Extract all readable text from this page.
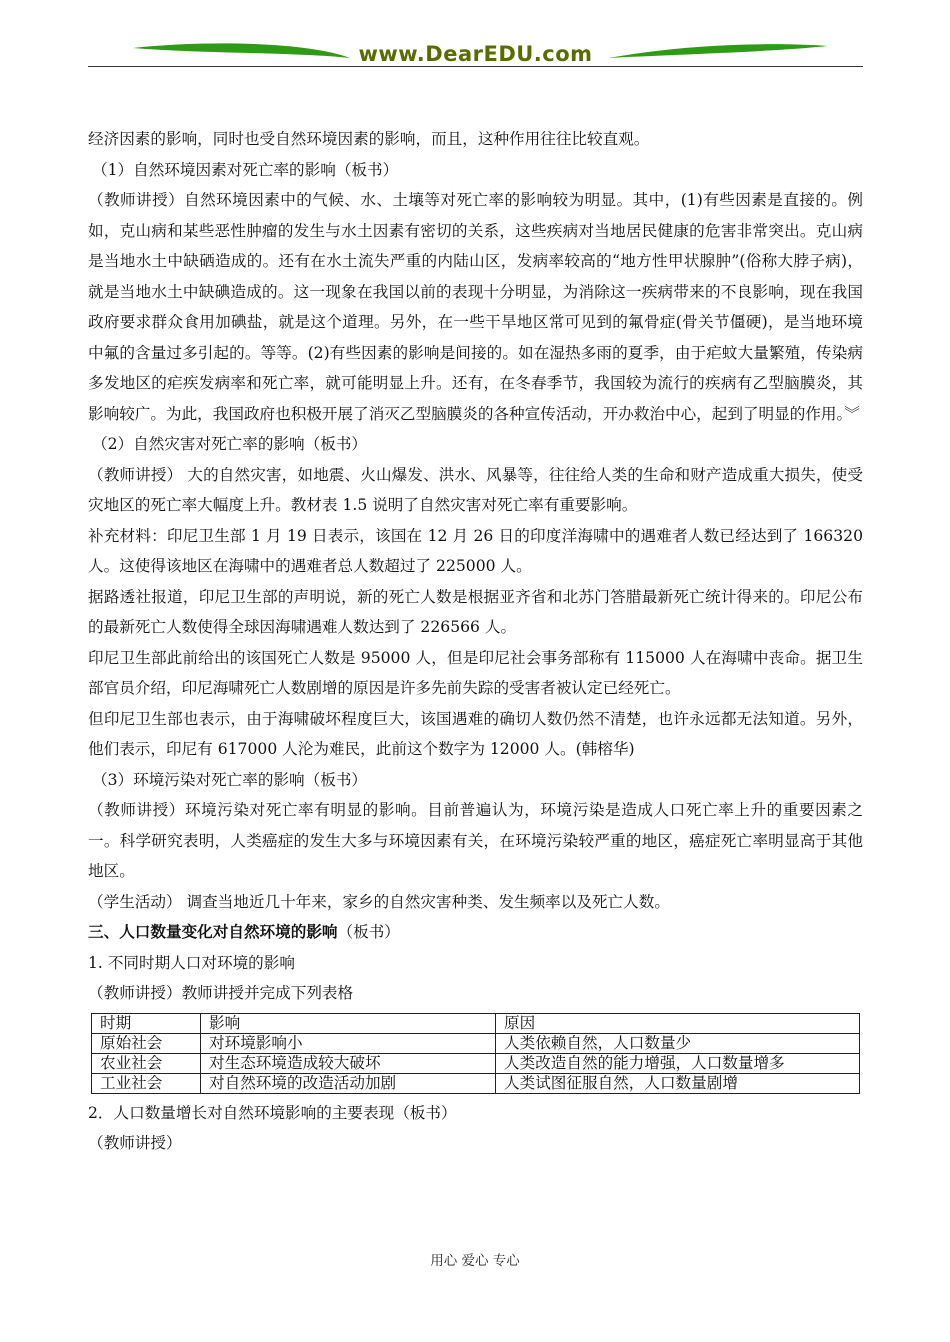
www.DearEDU.com

经济因素的影响，同时也受自然环境因素的影响，而且，这种作用往往比较直观。

（1）自然环境因素对死亡率的影响（板书）

（教师讲授）自然环境因素中的气候、水、土壤等对死亡率的影响较为明显。其中，(1)有些因素是直接的。例如，克山病和某些恶性肿瘤的发生与水土因素有密切的关系，这些疾病对当地居民健康的危害非常突出。克山病是当地水土中缺硒造成的。还有在水土流失严重的内陆山区，发病率较高的“地方性甲状腺肿”(俗称大脖子病)，就是当地水土中缺碘造成的。这一现象在我国以前的表现十分明显，为消除这一疾病带来的不良影响，现在我国政府要求群众食用加碘盐，就是这个道理。另外，在一些干旱地区常可见到的氟骨症(骨关节僵硬)，是当地环境中氟的含量过多引起的。等等。(2)有些因素的影响是间接的。如在湿热多雨的夏季，由于疟蚊大量繁殖，传染病多发地区的疟疾发病率和死亡率，就可能明显上升。还有，在冬春季节，我国较为流行的疾病有乙型脑膜炎，其影响较广。为此，我国政府也积极开展了消灭乙型脑膜炎的各种宣传活动，开办救治中心，起到了明显的作用。︾

（2）自然灾害对死亡率的影响（板书）

（教师讲授） 大的自然灾害，如地震、火山爆发、洪水、风暴等，往往给人类的生命和财产造成重大损失，使受灾地区的死亡率大幅度上升。教材表 1.5 说明了自然灾害对死亡率有重要影响。

补充材料：印尼卫生部 1 月 19 日表示，该国在 12 月 26 日的印度洋海啸中的遇难者人数已经达到了 166320 人。这使得该地区在海啸中的遇难者总人数超过了 225000 人。

据路透社报道，印尼卫生部的声明说，新的死亡人数是根据亚齐省和北苏门答腊最新死亡统计得来的。印尼公布的最新死亡人数使得全球因海啸遇难人数达到了 226566 人。

印尼卫生部此前给出的该国死亡人数是 95000 人，但是印尼社会事务部称有 115000 人在海啸中丧命。据卫生部官员介绍，印尼海啸死亡人数剧增的原因是许多先前失踪的受害者被认定已经死亡。

但印尼卫生部也表示，由于海啸破坏程度巨大，该国遇难的确切人数仍然不清楚，也许永远都无法知道。另外，他们表示，印尼有 617000 人沦为难民，此前这个数字为 12000 人。(韩榕华)

（3）环境污染对死亡率的影响（板书）

（教师讲授）环境污染对死亡率有明显的影响。目前普遍认为，环境污染是造成人口死亡率上升的重要因素之一。科学研究表明，人类癌症的发生大多与环境因素有关，在环境污染较严重的地区，癌症死亡率明显高于其他地区。

（学生活动） 调查当地近几十年来，家乡的自然灾害种类、发生频率以及死亡人数。

三、人口数量变化对自然环境的影响（板书）

1. 不同时期人口对环境的影响

（教师讲授）教师讲授并完成下列表格

时期	影响	原因
原始社会	对环境影响小	人类依赖自然，人口数量少
农业社会	对生态环境造成较大破坏	人类改造自然的能力增强，人口数量增多
工业社会	对自然环境的改造活动加剧	人类试图征服自然，人口数量剧增

2．人口数量增长对自然环境影响的主要表现（板书）

（教师讲授）

用心 爱心 专心
